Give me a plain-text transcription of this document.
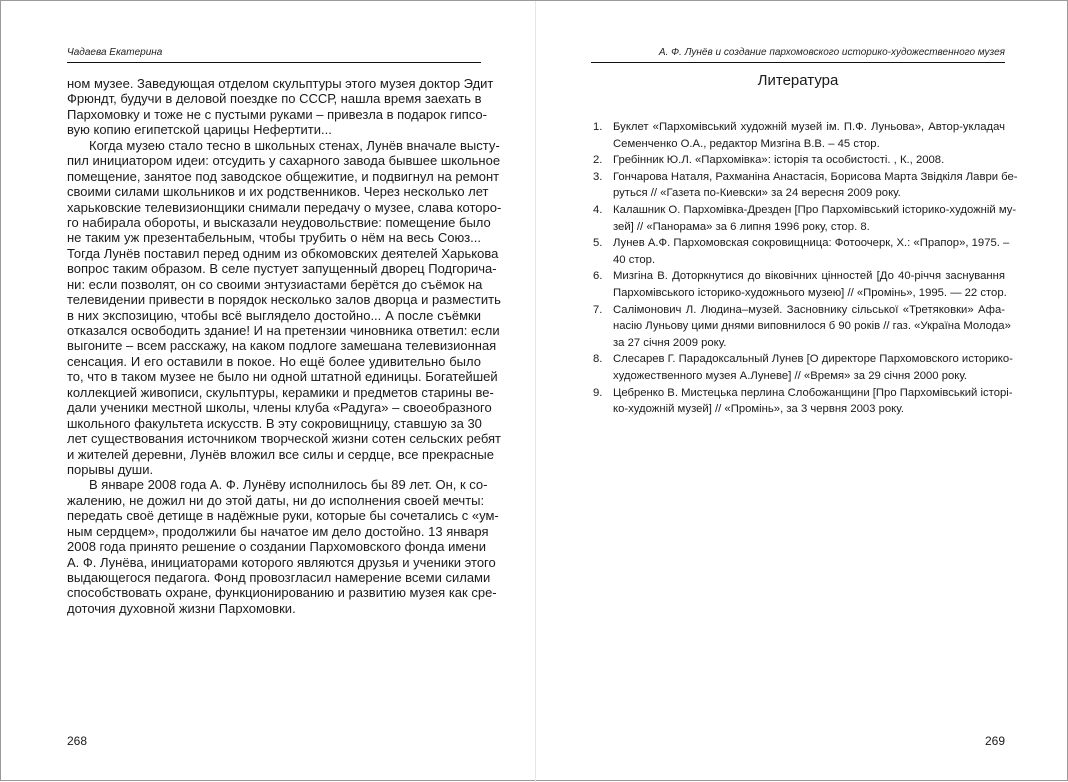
Чадаева Екатерина
ном музее. Заведующая отделом скульптуры этого музея доктор Эдит
Фрюндт, будучи в деловой поездке по СССР, нашла время заехать в
Пархомовку и тоже не с пустыми руками – привезла в подарок гипсо-
вую копию египетской царицы Нефертити...
Когда музею стало тесно в школьных стенах, Лунёв вначале высту-
пил инициатором идеи: отсудить у сахарного завода бывшее школьное
помещение, занятое под заводское общежитие, и подвигнул на ремонт
своими силами школьников и их родственников. Через несколько лет
харьковские телевизионщики снимали передачу о музее, слава которо-
го набирала обороты, и высказали неудовольствие: помещение было
не таким уж презентабельным, чтобы трубить о нём на весь Союз...
Тогда Лунёв поставил перед одним из обкомовских деятелей Харькова
вопрос таким образом. В селе пустует запущенный дворец Подгорича-
ни: если позволят, он со своими энтузиастами берётся до съёмок на
телевидении привести в порядок несколько залов дворца и разместить
в них экспозицию, чтобы всё выглядело достойно... А после съёмки
отказался освободить здание! И на претензии чиновника ответил: если
выгоните – всем расскажу, на каком подлоге замешана телевизионная
сенсация. И его оставили в покое. Но ещё более удивительно было
то, что в таком музее не было ни одной штатной единицы. Богатейшей
коллекцией живописи, скульптуры, керамики и предметов старины ве-
дали ученики местной школы, члены клуба «Радуга» – своеобразного
школьного факультета искусств. В эту сокровищницу, ставшую за 30
лет существования источником творческой жизни сотен сельских ребят
и жителей деревни, Лунёв вложил все силы и сердце, все прекрасные
порывы души.
В январе 2008 года А. Ф. Лунёву исполнилось бы 89 лет. Он, к со-
жалению, не дожил ни до этой даты, ни до исполнения своей мечты:
передать своё детище в надёжные руки, которые бы сочетались с «ум-
ным сердцем», продолжили бы начатое им дело достойно. 13 января
2008 года принято решение о создании Пархомовского фонда имени
А. Ф. Лунёва, инициаторами которого являются друзья и ученики этого
выдающегося педагога. Фонд провозгласил намерение всеми силами
способствовать охране, функционированию и развитию музея как сре-
доточия духовной жизни Пархомовки.
268
А. Ф. Лунёв и создание пархомовского историко-художественного музея
Литература
1. Буклет «Пархомівський художній музей ім. П.Ф. Луньова», Автор-укладач
Семенченко О.А., редактор Мизгіна В.В. – 45 стор.
2. Гребінник Ю.Л. «Пархомівка»: історія та особистості. , К., 2008.
3. Гончарова Наталя, Рахманіна Анастасія, Борисова Марта Звідкіля Лаври бе-
руться // «Газета по-Киевски» за 24 вересня 2009 року.
4. Калашник О. Пархомівка-Дрезден [Про Пархомівський історико-художній му-
зей] // «Панорама» за 6 липня 1996 року, стор. 8.
5. Лунев А.Ф. Пархомовская сокровищница: Фотоочерк, Х.: «Прапор», 1975. –
40 стор.
6. Мизгіна В. Доторкнутися до віковічних цінностей [До 40-річчя заснування
Пархомівського історико-художнього музею] // «Промінь», 1995. — 22 стор.
7. Салімонович Л. Людина–музей. Засновнику сільської «Третяковки» Афа-
насію Луньову цими днями виповнилося б 90 років // газ. «Україна Молода»
за 27 січня 2009 року.
8. Слесарев Г. Парадоксальный Лунев [О директоре Пархомовского историко-
художественного музея А.Луневе] // «Время» за 29 січня 2000 року.
9. Цебренко В. Мистецька перлина Слобожанщини [Про Пархомівський історі-
ко-художній музей] // «Промінь», за 3 червня 2003 року.
269
